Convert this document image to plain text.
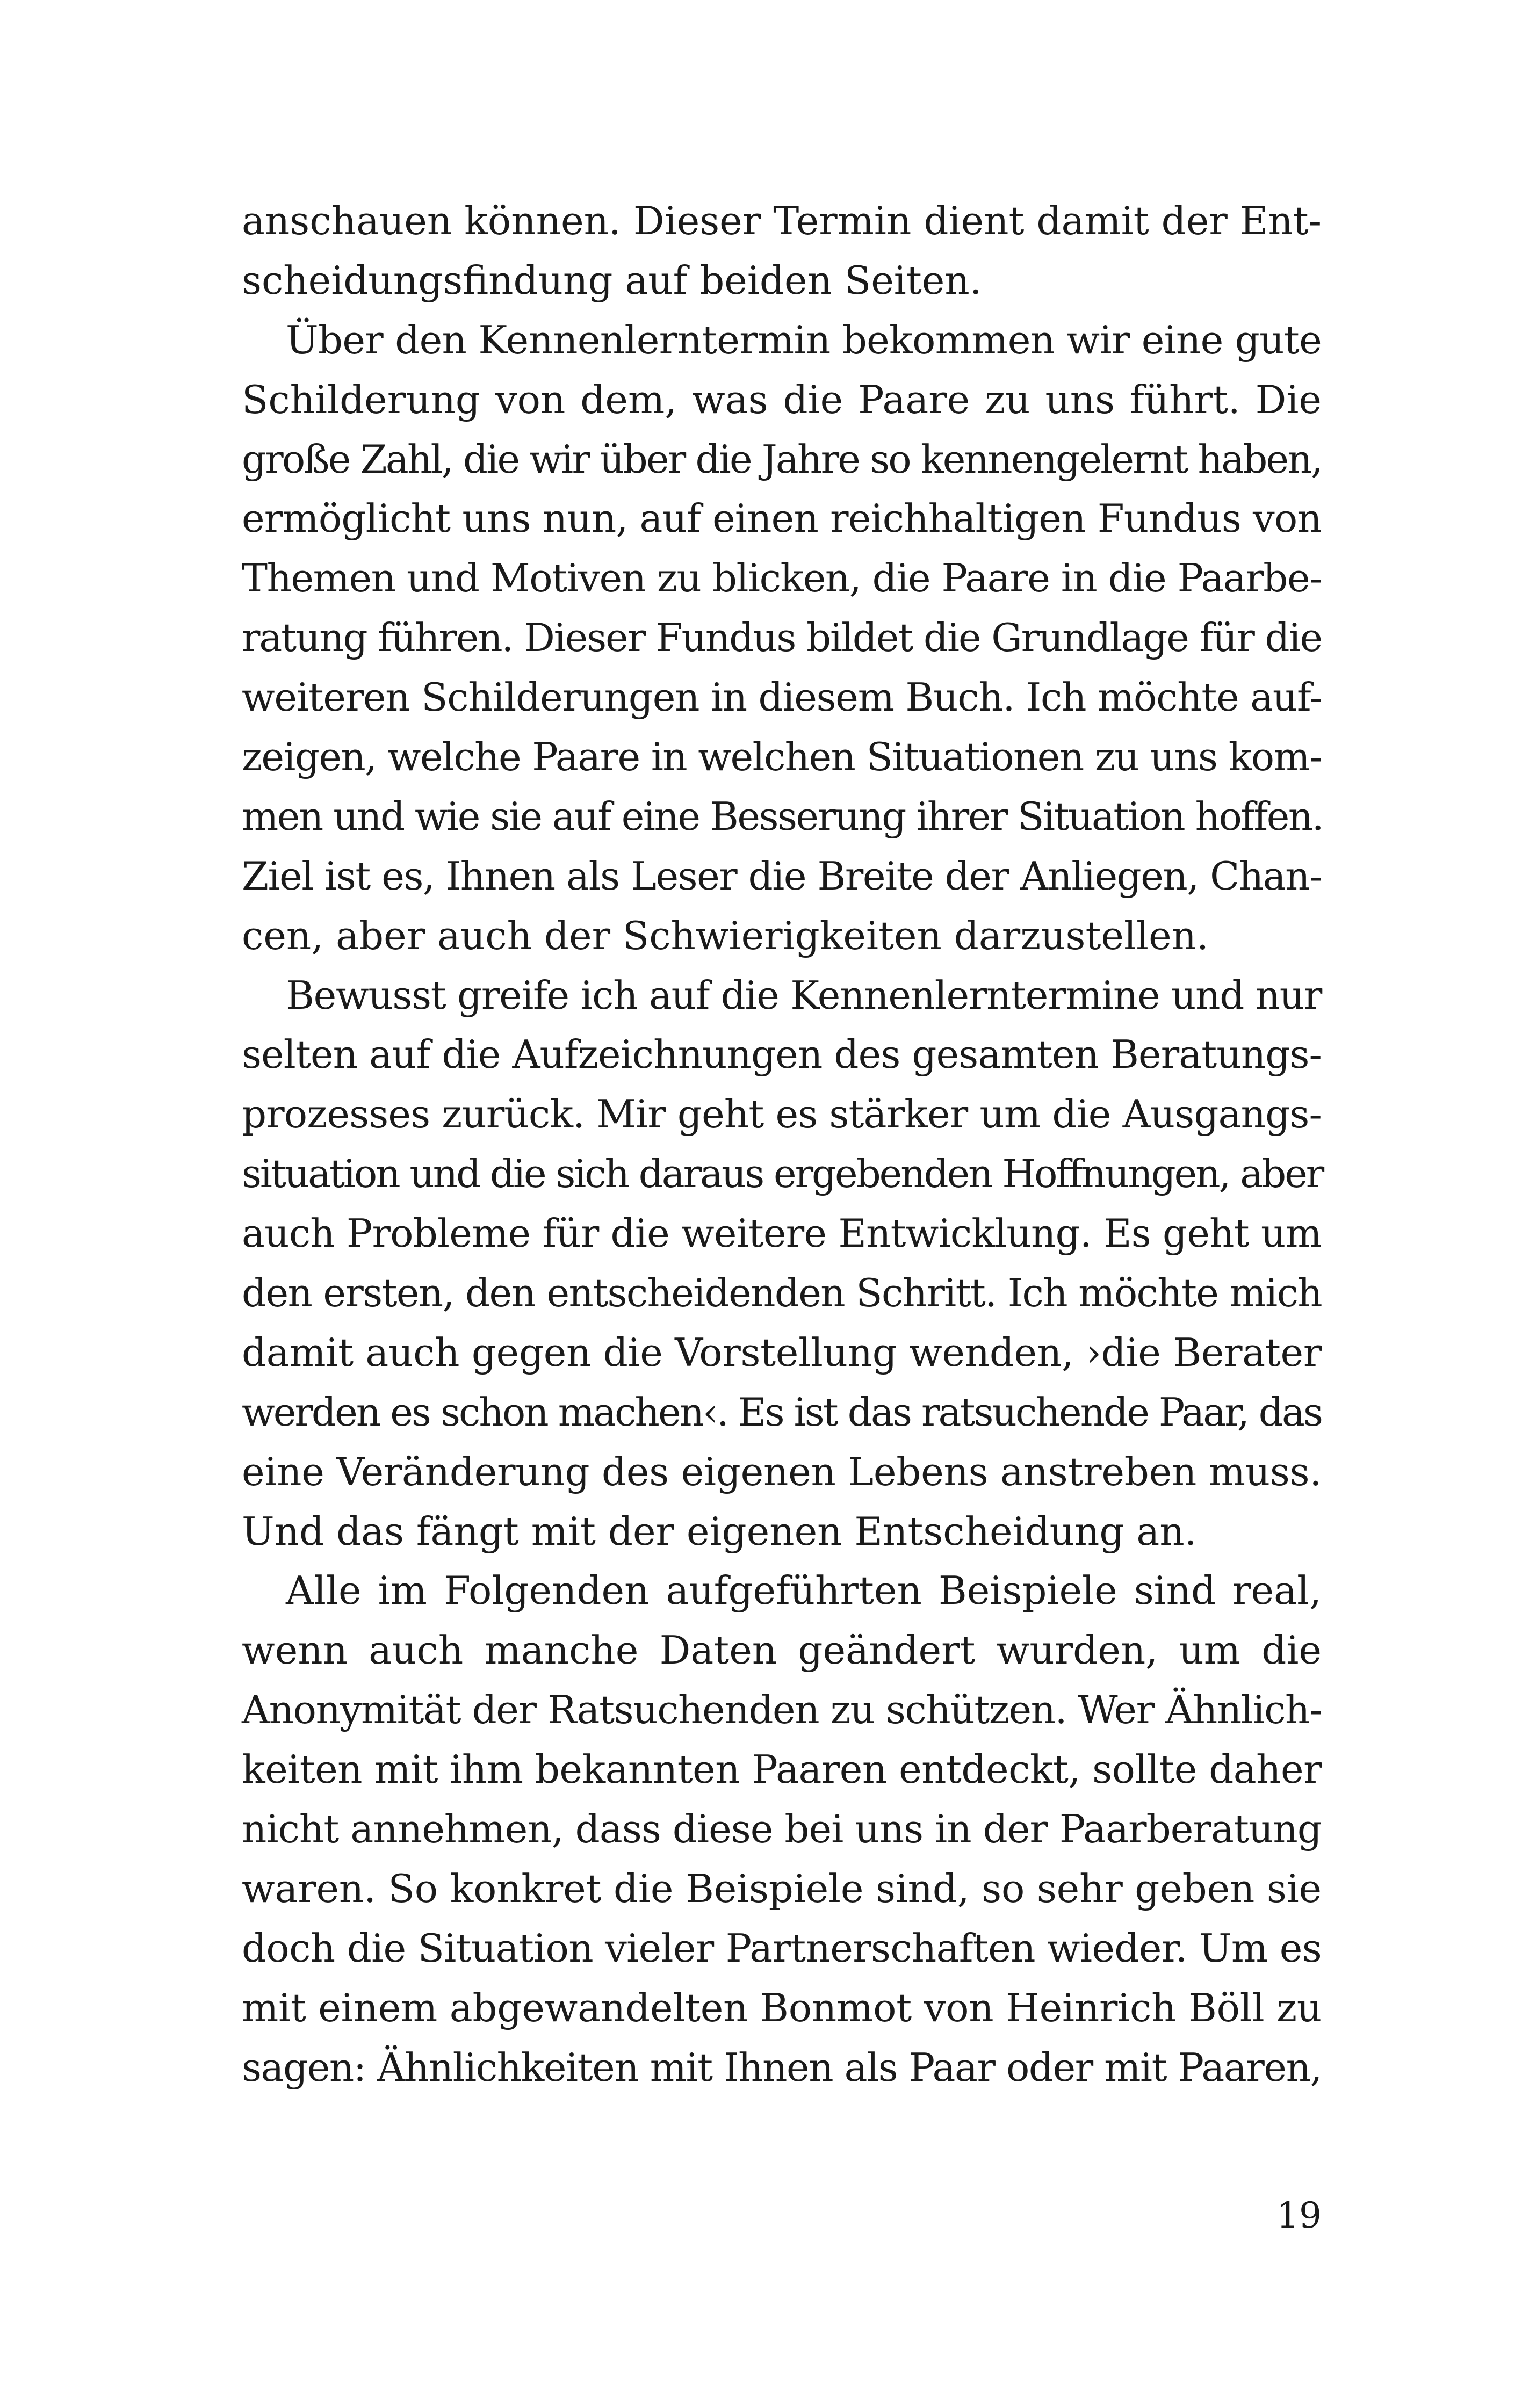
anschauen können. Dieser Termin dient damit der Ent-
scheidungsfindung auf beiden Seiten.
Über den Kennenlerntermin bekommen wir eine gute
Schilderung von dem, was die Paare zu uns führt. Die
große Zahl, die wir über die Jahre so kennengelernt haben,
ermöglicht uns nun, auf einen reichhaltigen Fundus von
Themen und Motiven zu blicken, die Paare in die Paarbe-
ratung führen. Dieser Fundus bildet die Grundlage für die
weiteren Schilderungen in diesem Buch. Ich möchte auf-
zeigen, welche Paare in welchen Situationen zu uns kom-
men und wie sie auf eine Besserung ihrer Situation hoffen.
Ziel ist es, Ihnen als Leser die Breite der Anliegen, Chan-
cen, aber auch der Schwierigkeiten darzustellen.
Bewusst greife ich auf die Kennenlerntermine und nur
selten auf die Aufzeichnungen des gesamten Beratungs-
prozesses zurück. Mir geht es stärker um die Ausgangs-
situation und die sich daraus ergebenden Hoffnungen, aber
auch Probleme für die weitere Entwicklung. Es geht um
den ersten, den entscheidenden Schritt. Ich möchte mich
damit auch gegen die Vorstellung wenden, ›die Berater
werden es schon machen‹. Es ist das ratsuchende Paar, das
eine Veränderung des eigenen Lebens anstreben muss.
Und das fängt mit der eigenen Entscheidung an.
Alle im Folgenden aufgeführten Beispiele sind real,
wenn auch manche Daten geändert wurden, um die
Anonymität der Ratsuchenden zu schützen. Wer Ähnlich-
keiten mit ihm bekannten Paaren entdeckt, sollte daher
nicht annehmen, dass diese bei uns in der Paarberatung
waren. So konkret die Beispiele sind, so sehr geben sie
doch die Situation vieler Partnerschaften wieder. Um es
mit einem abgewandelten Bonmot von Heinrich Böll zu
sagen: Ähnlichkeiten mit Ihnen als Paar oder mit Paaren,
19
